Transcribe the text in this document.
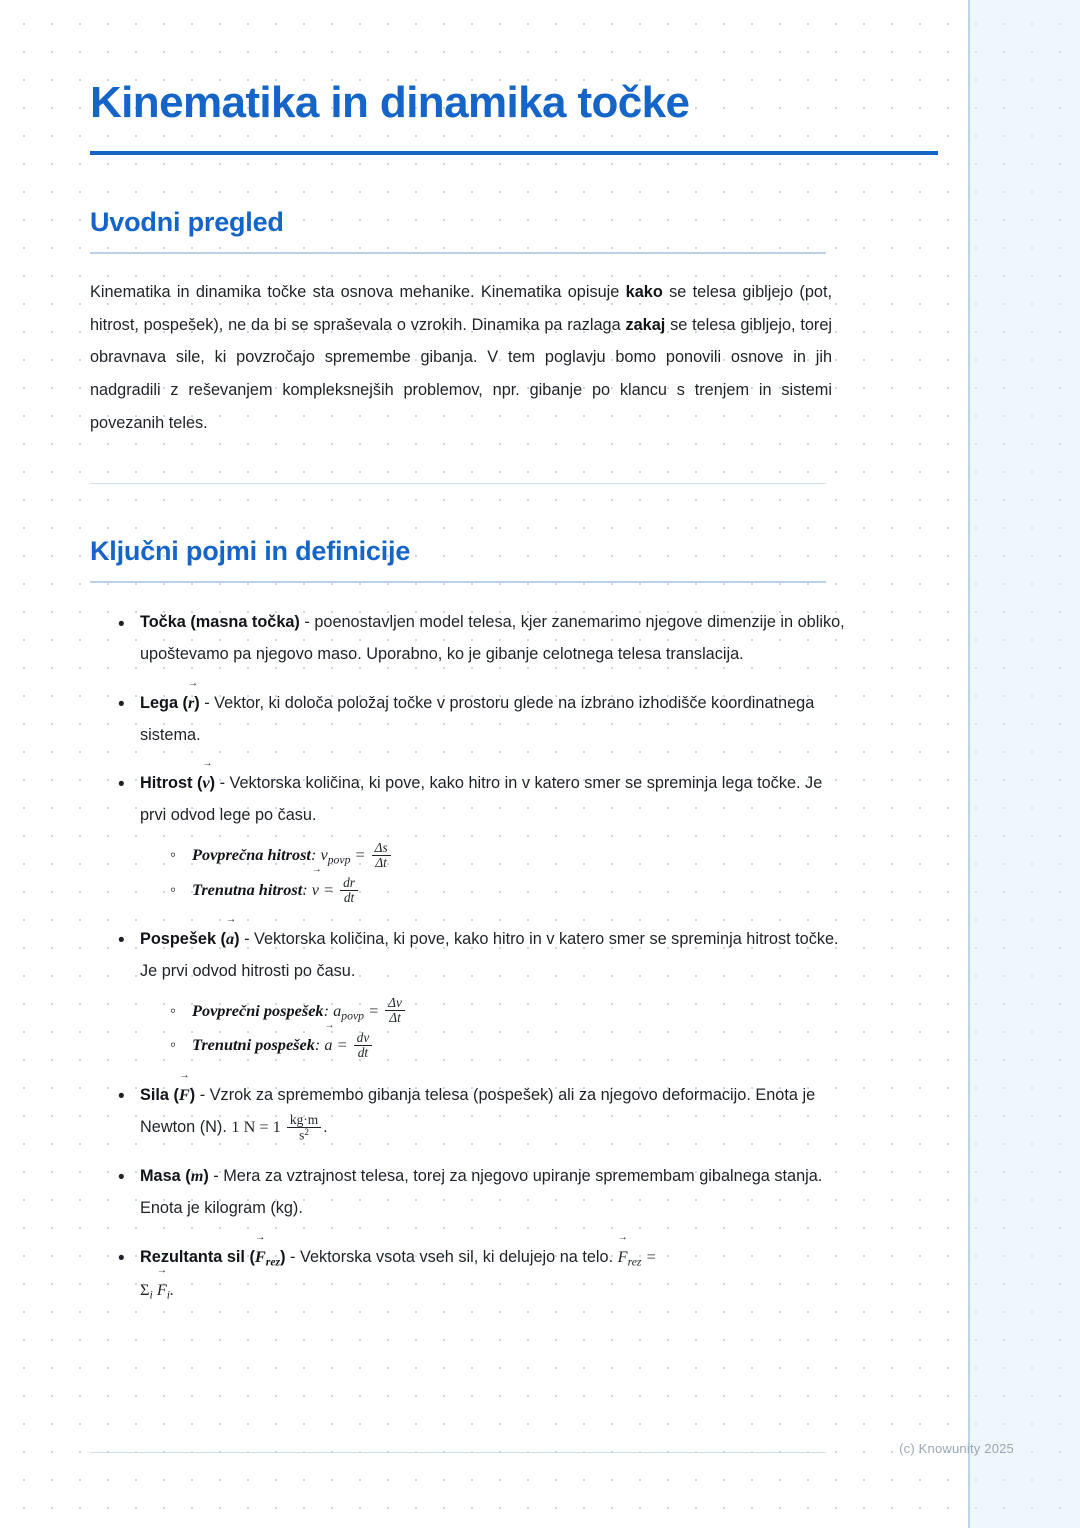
Kinematika in dinamika točke
Uvodni pregled

Kinematika in dinamika točke sta osnova mehanike. Kinematika opisuje kako se telesa gibljejo (pot, hitrost, pospešek), ne da bi se spraševala o vzrokih. Dinamika pa razlaga zakaj se telesa gibljejo, torej obravnava sile, ki povzročajo spremembe gibanja. V tem poglavju bomo ponovili osnove in jih nadgradili z reševanjem kompleksnejših problemov, npr. gibanje po klancu s trenjem in sistemi povezanih teles.

Ključni pojmi in definicije
• Točka (masna točka) - poenostavljen model telesa, kjer zanemarimo njegove dimenzije in obliko, upoštevamo pa njegovo maso. Uporabno, ko je gibanje celotnega telesa translacija.
• Lega (r →) - Vektor, ki določa položaj točke v prostoru glede na izbrano izhodišče koordinatnega sistema.
• Hitrost (v →) - Vektorska količina, ki pove, kako hitro in v katero smer se spreminja lega točke. Je prvi odvod lege po času.
◦ Povprečna hitrost: $v_{povp} = \frac{\Delta s}{\Delta t}$
◦ Trenutna hitrost: v → = $\frac{dr}{dt}$
• Pospešek (a →) - Vektorska količina, ki pove, kako hitro in v katero smer se spreminja hitrost točke. Je prvi odvod hitrosti po času.
◦ Povprečni pospešek: $a_{povp} = \frac{\Delta v}{\Delta t}$
◦ Trenutni pospešek: a → = $\frac{dv}{dt}$
• Sila (F →) - Vzrok za spremembo gibanja telesa (pospešek) ali za njegovo deformacijo. Enota je Newton (N). 1 $N = 1 \frac{kg\cdot m}{s^2}$ .
• Masa (m) - Mera za vztrajnost telesa, torej za njegovo upiranje spremembam gibalnega stanja. Enota je kilogram (kg).
• Rezultanta sil $(F \to_{rez})$ - Vektorska vsota vseh sil, ki delujejo na telo. $F \to_{rez}$ =
$\Sigma_i$ $F \to_i$.
(c) Knowunity 2025
